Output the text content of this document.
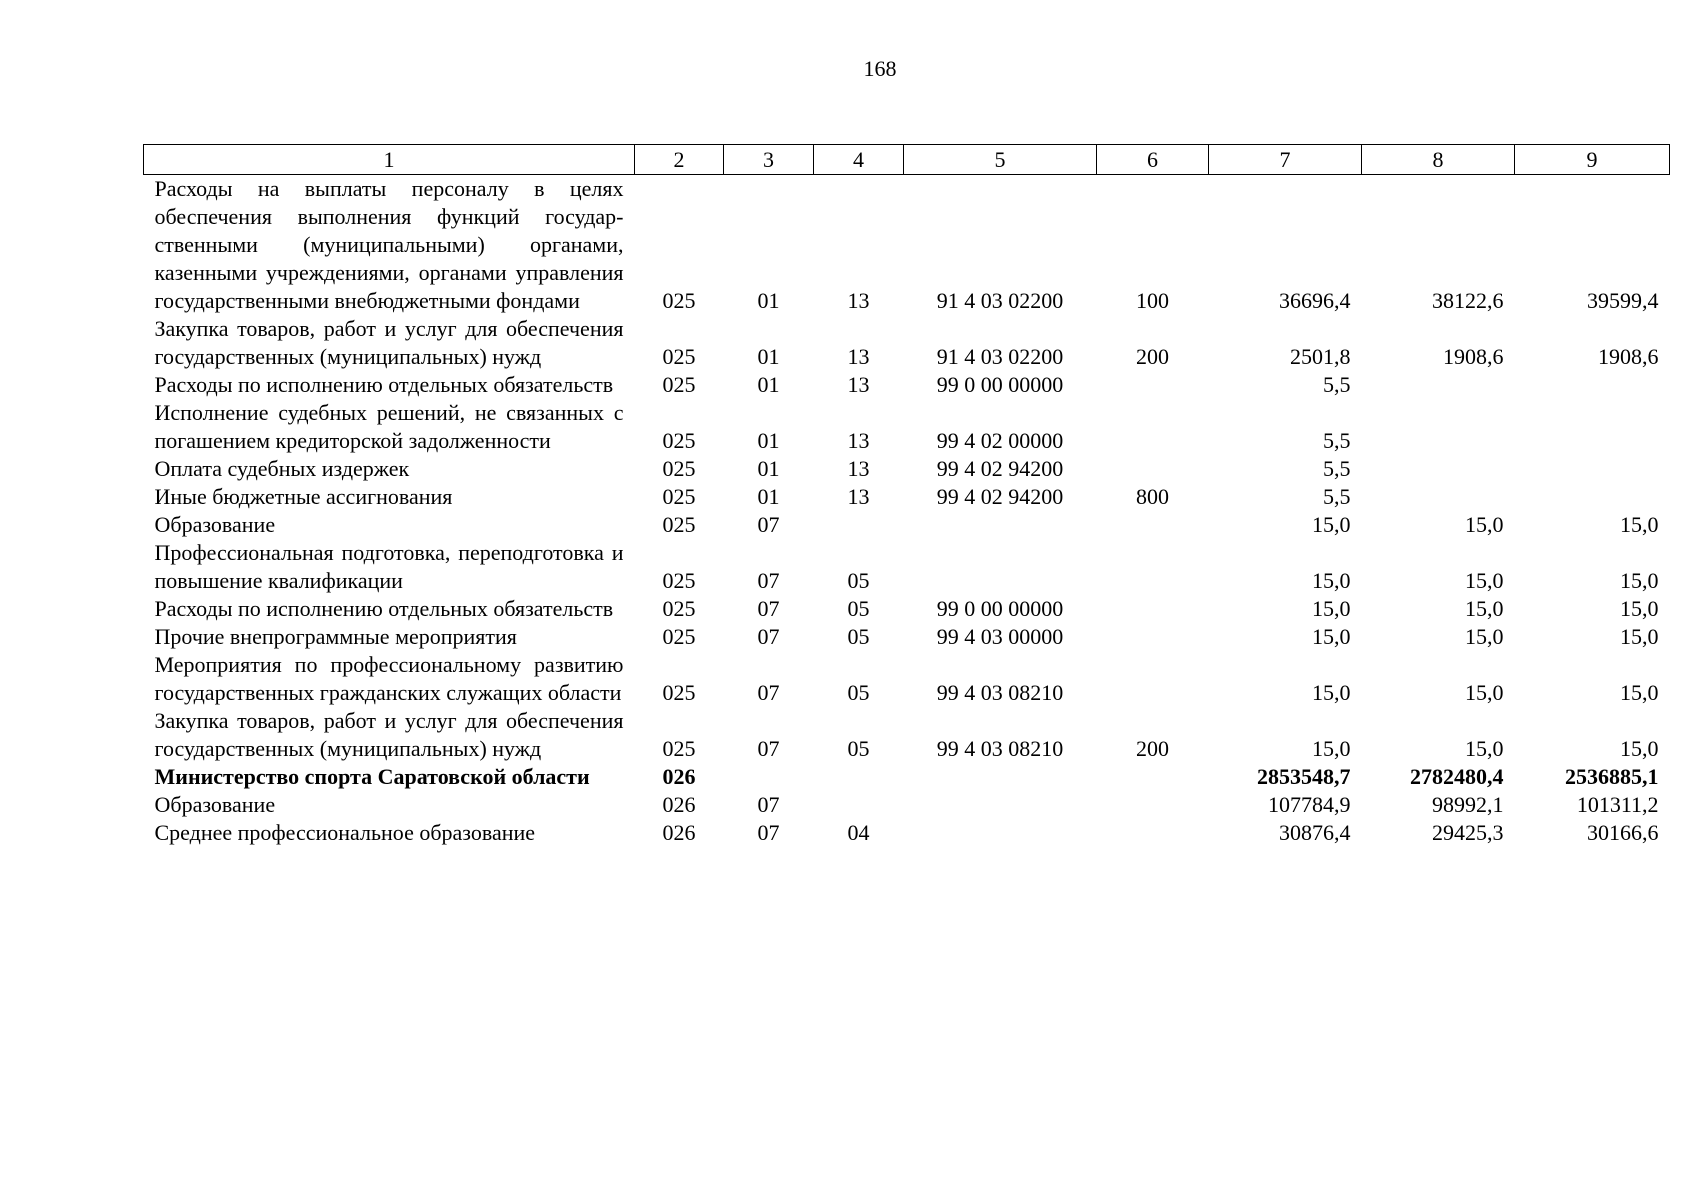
168
1	2	3	4	5	6	7	8	9
Расходы на выплаты персоналу в целях обеспечения выполнения функций государственными (муниципальными) органами, казенными учреждениями, органами управления государственными внебюджетными фондами	025	01	13	91 4 03 02200	100	36696,4	38122,6	39599,4
Закупка товаров, работ и услуг для обеспечения государственных (муниципальных) нужд	025	01	13	91 4 03 02200	200	2501,8	1908,6	1908,6
Расходы по исполнению отдельных обязательств	025	01	13	99 0 00 00000		5,5		
Исполнение судебных решений, не связанных с погашением кредиторской задолженности	025	01	13	99 4 02 00000		5,5		
Оплата судебных издержек	025	01	13	99 4 02 94200		5,5		
Иные бюджетные ассигнования	025	01	13	99 4 02 94200	800	5,5		
Образование	025	07				15,0	15,0	15,0
Профессиональная подготовка, переподготовка и повышение квалификации	025	07	05			15,0	15,0	15,0
Расходы по исполнению отдельных обязательств	025	07	05	99 0 00 00000		15,0	15,0	15,0
Прочие внепрограммные мероприятия	025	07	05	99 4 03 00000		15,0	15,0	15,0
Мероприятия по профессиональному развитию государственных гражданских служащих области	025	07	05	99 4 03 08210		15,0	15,0	15,0
Закупка товаров, работ и услуг для обеспечения государственных (муниципальных) нужд	025	07	05	99 4 03 08210	200	15,0	15,0	15,0
Министерство спорта Саратовской области	026					2853548,7	2782480,4	2536885,1
Образование	026	07				107784,9	98992,1	101311,2
Среднее профессиональное образование	026	07	04			30876,4	29425,3	30166,6
